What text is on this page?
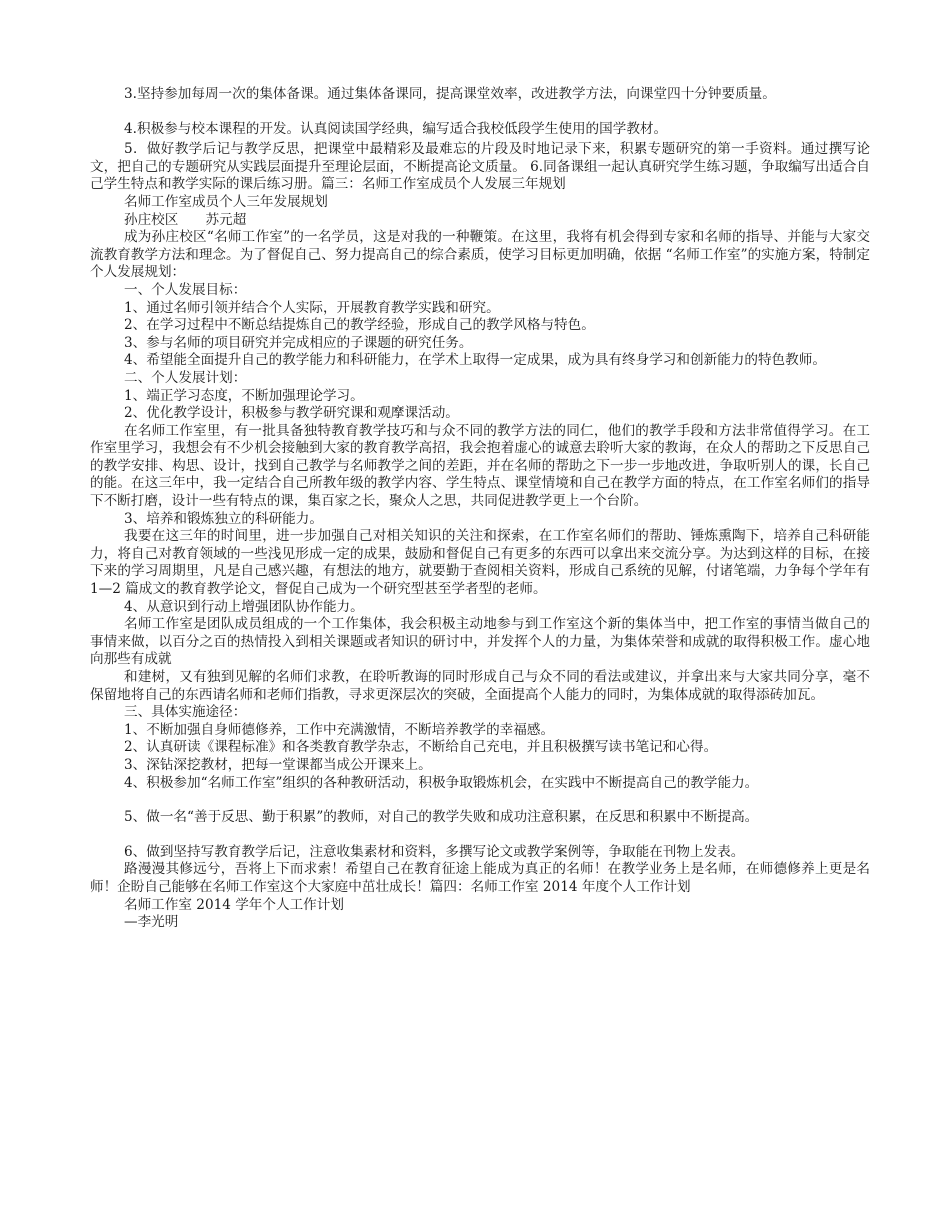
3.坚持参加每周一次的集体备课。通过集体备课同，提高课堂效率，改进教学方法，向课堂四十分钟要质量。

4.积极参与校本课程的开发。认真阅读国学经典，编写适合我校低段学生使用的国学教材。

5．做好教学后记与教学反思，把课堂中最精彩及最难忘的片段及时地记录下来，积累专题研究的第一手资料。通过撰写论文，把自己的专题研究从实践层面提升至理论层面，不断提高论文质量。 6.同备课组一起认真研究学生练习题，争取编写出适合自己学生特点和教学实际的课后练习册。篇三：名师工作室成员个人发展三年规划

名师工作室成员个人三年发展规划

孙庄校区　　苏元超

成为孙庄校区“名师工作室”的一名学员，这是对我的一种鞭策。在这里，我将有机会得到专家和名师的指导、并能与大家交流教育教学方法和理念。为了督促自己、努力提高自己的综合素质，使学习目标更加明确，依据 “名师工作室”的实施方案，特制定个人发展规划：

一、个人发展目标：

1、通过名师引领并结合个人实际，开展教育教学实践和研究。

2、在学习过程中不断总结提炼自己的教学经验，形成自己的教学风格与特色。

3、参与名师的项目研究并完成相应的子课题的研究任务。

4、希望能全面提升自己的教学能力和科研能力，在学术上取得一定成果，成为具有终身学习和创新能力的特色教师。

二、个人发展计划：

1、端正学习态度，不断加强理论学习。

2、优化教学设计，积极参与教学研究课和观摩课活动。

在名师工作室里，有一批具备独特教育教学技巧和与众不同的教学方法的同仁，他们的教学手段和方法非常值得学习。在工作室里学习，我想会有不少机会接触到大家的教育教学高招，我会抱着虚心的诚意去聆听大家的教诲，在众人的帮助之下反思自己的教学安排、构思、设计，找到自己教学与名师教学之间的差距，并在名师的帮助之下一步一步地改进，争取听别人的课，长自己的能。在这三年中，我一定结合自己所教年级的教学内容、学生特点、课堂情境和自己在教学方面的特点，在工作室名师们的指导下不断打磨，设计一些有特点的课，集百家之长，聚众人之思，共同促进教学更上一个台阶。

3、培养和锻炼独立的科研能力。

我要在这三年的时间里，进一步加强自己对相关知识的关注和探索，在工作室名师们的帮助、锤炼熏陶下，培养自己科研能力，将自己对教育领域的一些浅见形成一定的成果，鼓励和督促自己有更多的东西可以拿出来交流分享。为达到这样的目标，在接下来的学习周期里，凡是自己感兴趣，有想法的地方，就要勤于查阅相关资料，形成自己系统的见解，付诸笔端，力争每个学年有 1—2 篇成文的教育教学论文，督促自己成为一个研究型甚至学者型的老师。

4、从意识到行动上增强团队协作能力。

名师工作室是团队成员组成的一个工作集体，我会积极主动地参与到工作室这个新的集体当中，把工作室的事情当做自己的事情来做，以百分之百的热情投入到相关课题或者知识的研讨中，并发挥个人的力量，为集体荣誉和成就的取得积极工作。虚心地向那些有成就

和建树，又有独到见解的名师们求教，在聆听教诲的同时形成自己与众不同的看法或建议，并拿出来与大家共同分享，毫不保留地将自己的东西请名师和老师们指教，寻求更深层次的突破，全面提高个人能力的同时，为集体成就的取得添砖加瓦。

三、具体实施途径：

1、不断加强自身师德修养，工作中充满激情，不断培养教学的幸福感。

2、认真研读《课程标准》和各类教育教学杂志，不断给自己充电，并且积极撰写读书笔记和心得。

3、深钻深挖教材，把每一堂课都当成公开课来上。

4、积极参加“名师工作室”组织的各种教研活动，积极争取锻炼机会，在实践中不断提高自己的教学能力。

5、做一名“善于反思、勤于积累”的教师，对自己的教学失败和成功注意积累，在反思和积累中不断提高。

6、做到坚持写教育教学后记，注意收集素材和资料，多撰写论文或教学案例等，争取能在刊物上发表。

路漫漫其修远兮，吾将上下而求索！希望自己在教育征途上能成为真正的名师！在教学业务上是名师，在师德修养上更是名师！企盼自己能够在名师工作室这个大家庭中茁壮成长！篇四：名师工作室 2014 年度个人工作计划

名师工作室 2014 学年个人工作计划

—李光明
